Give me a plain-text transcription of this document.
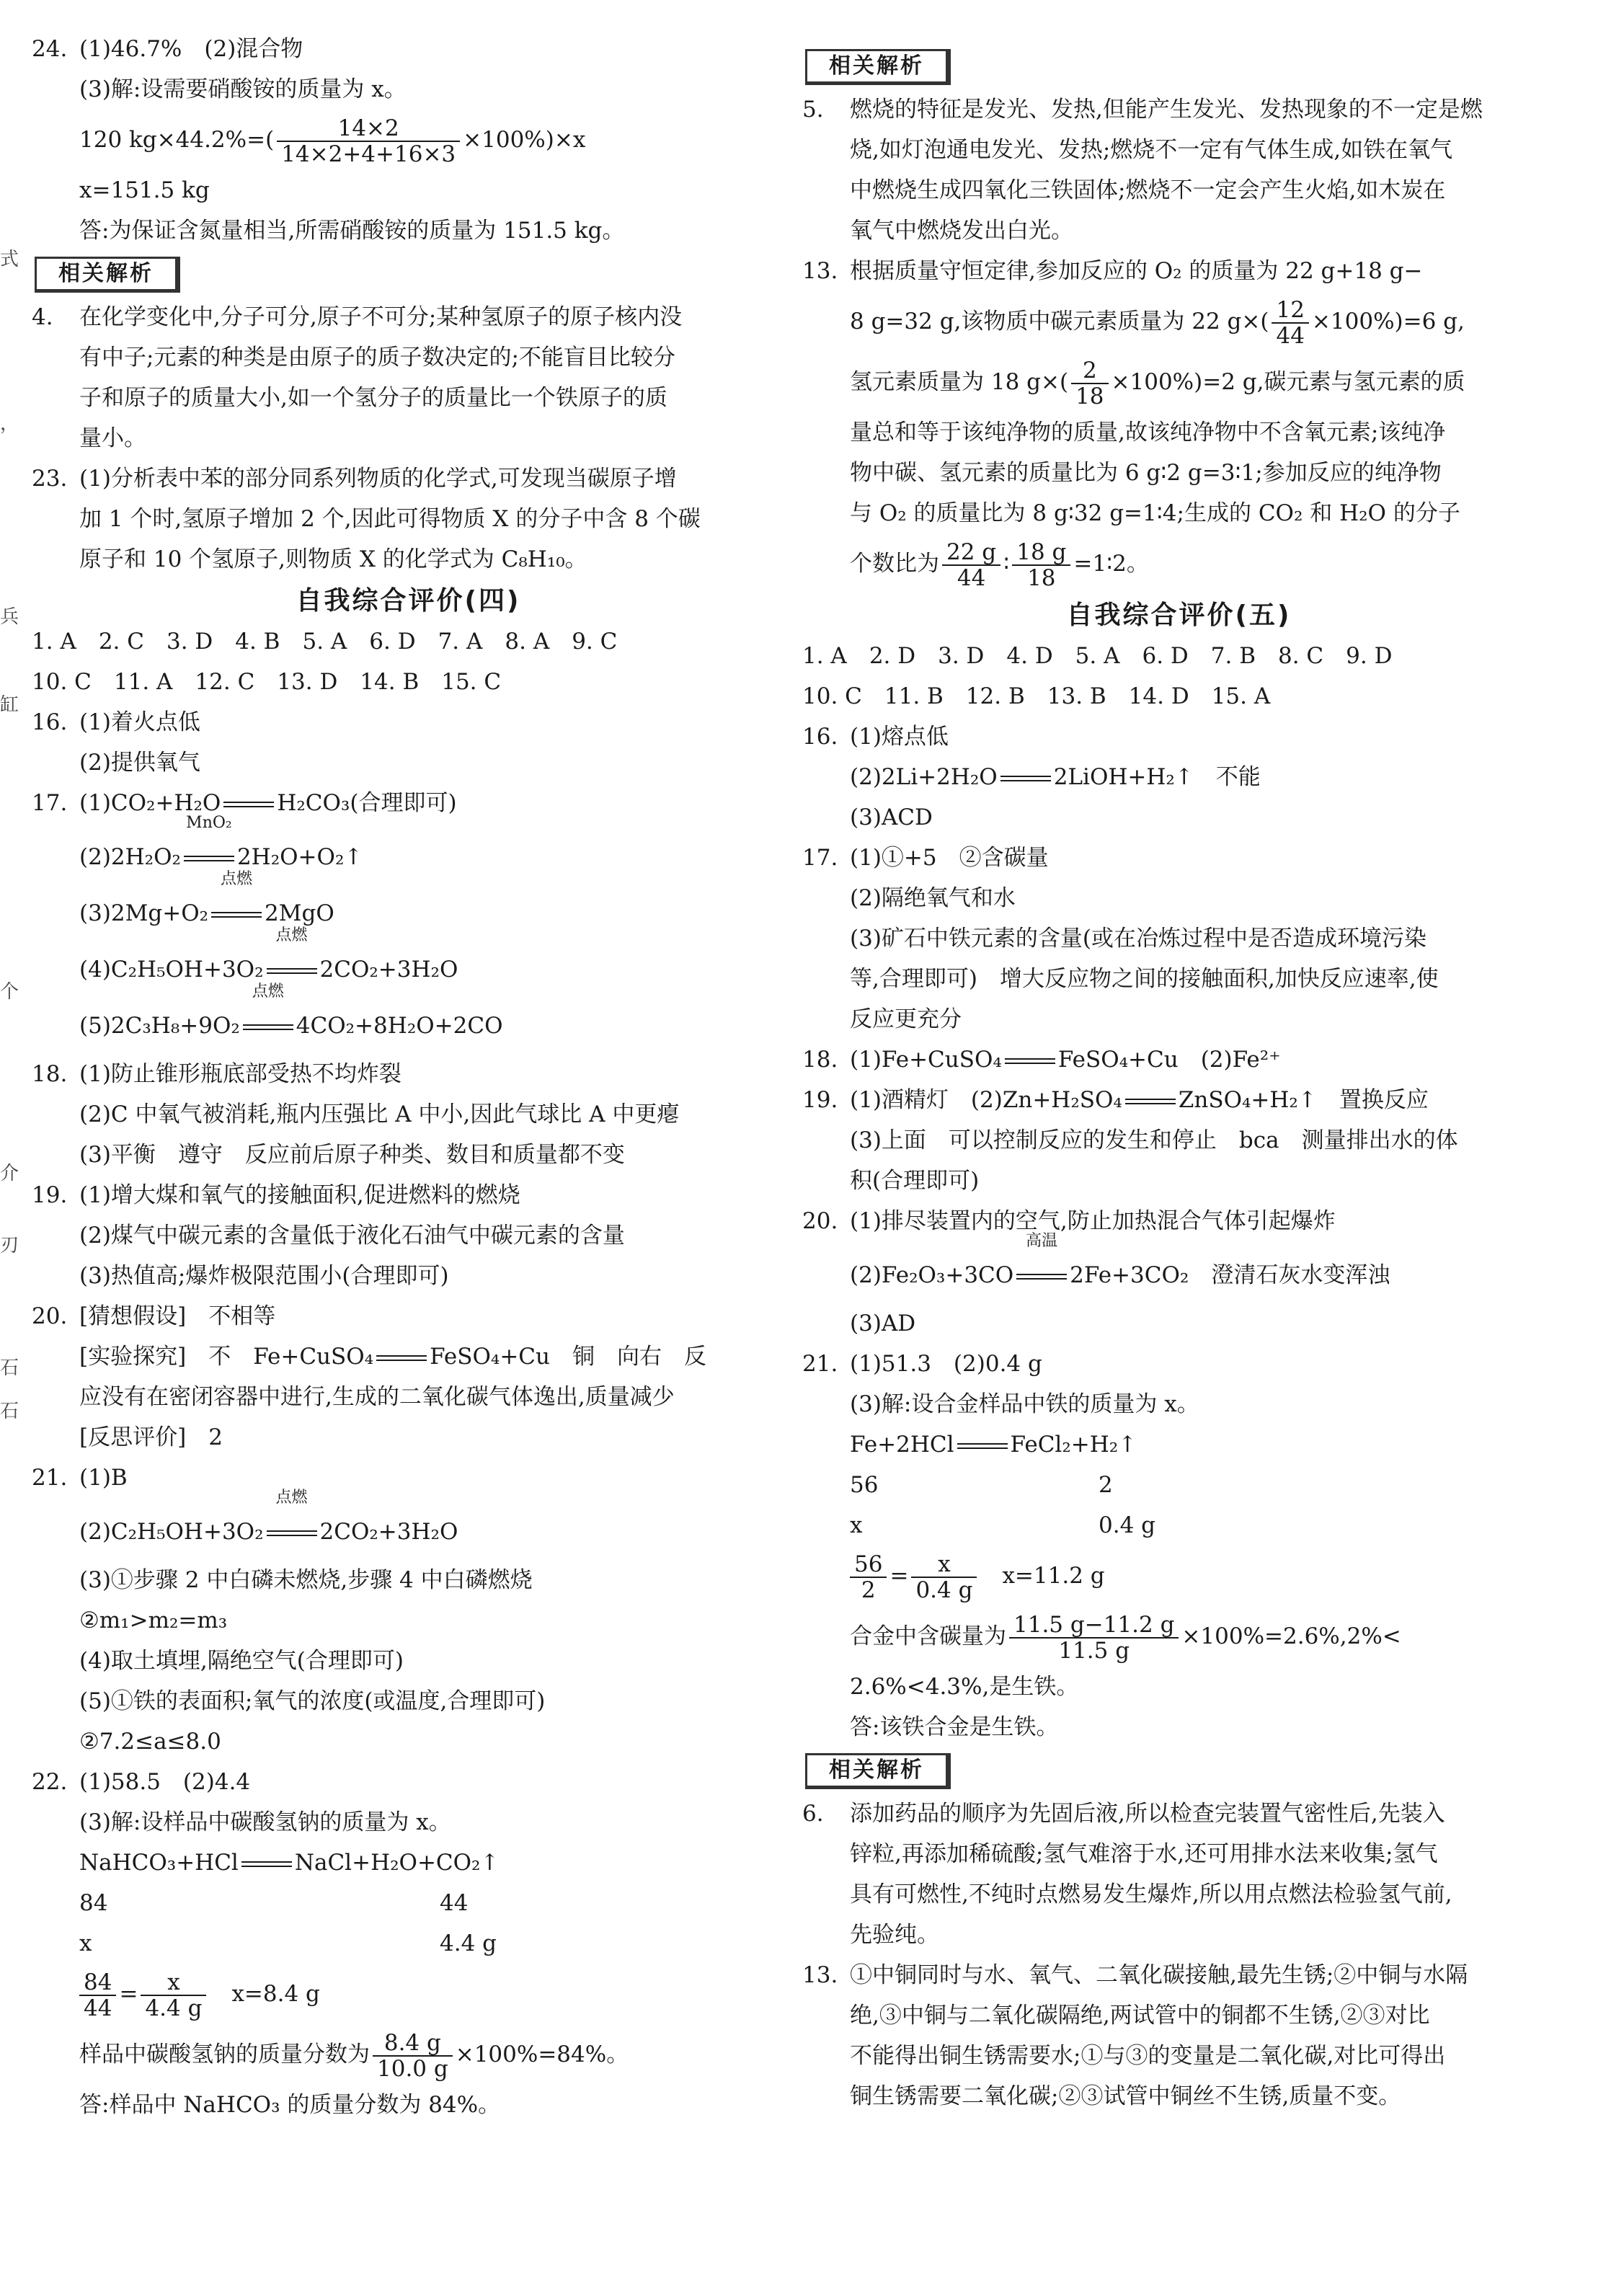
式
，
兵
缸
个
介
刃
石
石
24. (1)46.7%　(2)混合物
(3)解:设需要硝酸铵的质量为 x。
120 $kg\times 44.2\%=( \frac{14\times 2}{14\times 2+4+16\times 3} \times 100\%)\times x$
x=151.5 kg
答:为保证含氮量相当,所需硝酸铵的质量为 151.5 kg。
相关解析
4.	在化学变化中,分子可分,原子不可分;某种氢原子的原子核内没
有中子;元素的种类是由原子的质子数决定的;不能盲目比较分
子和原子的质量大小,如一个氢分子的质量比一个铁原子的质
量小。
23. (1)分析表中苯的部分同系列物质的化学式,可发现当碳原子增
加 1 个时,氢原子增加 2 个,因此可得物质 X 的分子中含 8 个碳
原子和 10 个氢原子,则物质 X 的化学式为 C₈H₁₀。
自我综合评价(四)
1. A　2. C　3. D　4. B　5. A　6. D　7. A　8. A　9. C
10. C　11. A　12. C　13. D　14. B　15. C
16. (1)着火点低
(2)提供氧气
17. (1)CO₂+H₂O	H₂CO₃(合理即可)
(2)2H₂O₂
MnO₂
2H₂O+O₂↑
(3)2Mg+O₂
点燃
2MgO
(4)C₂H₅OH+3O₂
点燃
2CO₂+3H₂O
(5)2C₃H₈+9O₂
点燃
4CO₂+8H₂O+2CO
18. (1)防止锥形瓶底部受热不均炸裂
(2)C 中氧气被消耗,瓶内压强比 A 中小,因此气球比 A 中更瘪
(3)平衡　遵守　反应前后原子种类、数目和质量都不变
19. (1)增大煤和氧气的接触面积,促进燃料的燃烧
(2)煤气中碳元素的含量低于液化石油气中碳元素的含量
(3)热值高;爆炸极限范围小(合理即可)
20. [猜想假设]　不相等
[实验探究]　不　Fe+CuSO₄	FeSO₄+Cu　铜　向右　反
应没有在密闭容器中进行,生成的二氧化碳气体逸出,质量减少
[反思评价]　2
21. (1)B
(2)C₂H₅OH+3O₂
点燃
2CO₂+3H₂O
(3)①步骤 2 中白磷未燃烧,步骤 4 中白磷燃烧
②m₁>m₂=m₃
(4)取土填埋,隔绝空气(合理即可)
(5)①铁的表面积;氧气的浓度(或温度,合理即可)
②7.2≤a≤8.0
22. (1)58.5　(2)4.4
(3)解:设样品中碳酸氢钠的质量为 x。
NaHCO₃+HCl	NaCl+H₂O+CO₂↑
84	44
x	4.4 g
$\frac{84}{44} = \frac{x}{4.4 g}$
　 x=8.4 g
样品中碳酸氢钠的质量分数为 $\frac{8.4 g}{10.0 g} \times 100\%=84\%$。
答:样品中 NaHCO₃ 的质量分数为 84%。
相关解析
5.	燃烧的特征是发光、发热,但能产生发光、发热现象的不一定是燃
烧,如灯泡通电发光、发热;燃烧不一定有气体生成,如铁在氧气
中燃烧生成四氧化三铁固体;燃烧不一定会产生火焰,如木炭在
氧气中燃烧发出白光。
13. 根据质量守恒定律,参加反应的 O₂ 的质量为 22 g+18 g−
8 g=32 g,该物质中碳元素质量为 22 $g\times( \frac{12}{44} \times 100\%)=6$ g,
氢元素质量为 18 $g\times( \frac{2}{18} \times 100\%)=2$ g,碳元素与氢元素的质
量总和等于该纯净物的质量,故该纯净物中不含氧元素;该纯净
物中碳、氢元素的质量比为 6 g∶2 g=3∶1;参加反应的纯净物
与 O₂ 的质量比为 8 g∶32 g=1∶4;生成的 CO₂ 和 H₂O 的分子
个数比为 $\frac{22 g}{44}$ ∶ $\frac{18 g}{18}$ =1∶2。
自我综合评价(五)
1. A　2. D　3. D　4. D　5. A　6. D　7. B　8. C　9. D
10. C　11. B　12. B　13. B　14. D　15. A
16. (1)熔点低
(2)2Li+2H₂O	2LiOH+H₂↑　不能
(3)ACD
17. (1)①+5　②含碳量
(2)隔绝氧气和水
(3)矿石中铁元素的含量(或在冶炼过程中是否造成环境污染
等,合理即可)　增大反应物之间的接触面积,加快反应速率,使
反应更充分
18. (1)Fe+CuSO₄	FeSO₄+Cu　(2)Fe²⁺
19. (1)酒精灯　(2)Zn+H₂SO₄	ZnSO₄+H₂↑　置换反应
(3)上面　可以控制反应的发生和停止　bca　测量排出水的体
积(合理即可)
20. (1)排尽装置内的空气,防止加热混合气体引起爆炸
(2)Fe₂O₃+3CO
高温
2Fe+3CO₂　澄清石灰水变浑浊
(3)AD
21. (1)51.3　(2)0.4 g
(3)解:设合金样品中铁的质量为 x。
Fe+2HCl	FeCl₂+H₂↑
56	2
x	0.4 g
$\frac{56}{2} = \frac{x}{0.4 g}$
　 x=11.2 g
合金中含碳量为 $\frac{11.5 g-11.2 g}{11.5 g} \times 100\%=2.6\%,2\%<$
2.6%<4.3%,是生铁。
答:该铁合金是生铁。
相关解析
6.	添加药品的顺序为先固后液,所以检查完装置气密性后,先装入
锌粒,再添加稀硫酸;氢气难溶于水,还可用排水法来收集;氢气
具有可燃性,不纯时点燃易发生爆炸,所以用点燃法检验氢气前,
先验纯。
13. ①中铜同时与水、氧气、二氧化碳接触,最先生锈;②中铜与水隔
绝,③中铜与二氧化碳隔绝,两试管中的铜都不生锈,②③对比
不能得出铜生锈需要水;①与③的变量是二氧化碳,对比可得出
铜生锈需要二氧化碳;②③试管中铜丝不生锈,质量不变。
